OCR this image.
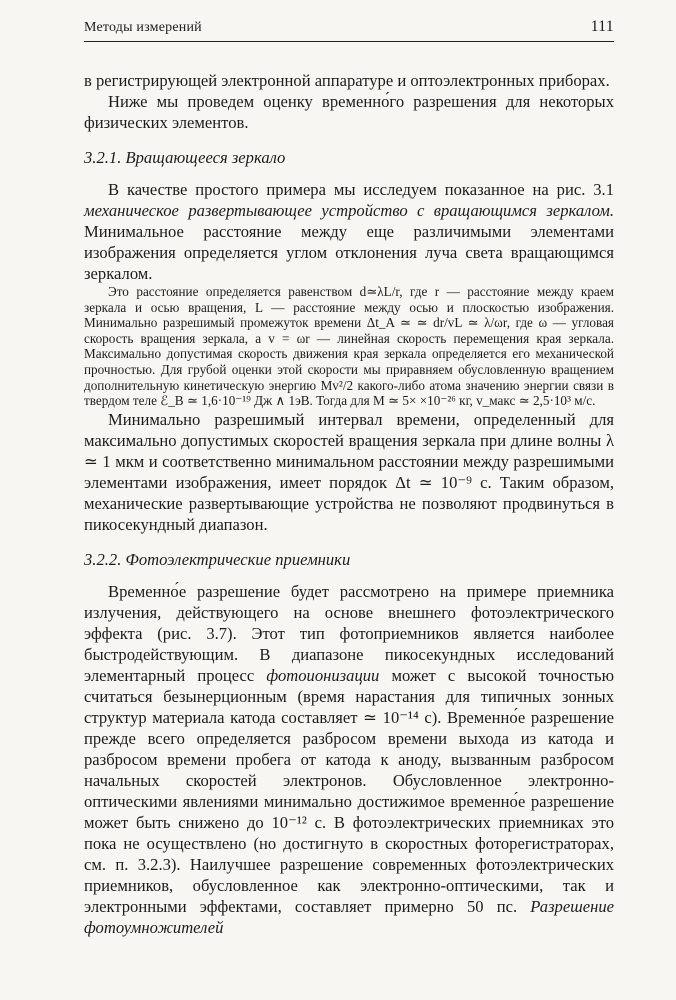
Методы измерений	111

в регистрирующей электронной аппаратуре и оптоэлектронных приборах.

Ниже мы проведем оценку временно́го разрешения для некоторых физических элементов.

3.2.1. Вращающееся зеркало

В качестве простого примера мы исследуем показанное на рис. 3.1 механическое развертывающее устройство с вращающимся зеркалом. Минимальное расстояние между еще различимыми элементами изображения определяется углом отклонения луча света вращающимся зеркалом.

Это расстояние определяется равенством d≃λL/r, где r — расстояние между краем зеркала и осью вращения, L — расстояние между осью и плоскостью изображения. Минимально разрешимый промежуток времени Δt_A ≃ ≃ dr/vL ≃ λ/ωr, где ω — угловая скорость вращения зеркала, а v = ωr — линейная скорость перемещения края зеркала. Максимально допустимая скорость движения края зеркала определяется его механической прочностью. Для грубой оценки этой скорости мы приравняем обусловленную вращением дополнительную кинетическую энергию Mv²/2 какого-либо атома значению энергии связи в твердом теле ℰ_B ≃ 1,6·10⁻¹⁹ Дж ∧ 1эВ. Тогда для M ≃ 5× ×10⁻²⁶ кг, v_макс ≃ 2,5·10³ м/с.

Минимально разрешимый интервал времени, определенный для максимально допустимых скоростей вращения зеркала при длине волны λ ≃ 1 мкм и соответственно минимальном расстоянии между разрешимыми элементами изображения, имеет порядок Δt ≃ 10⁻⁹ с. Таким образом, механические развертывающие устройства не позволяют продвинуться в пикосекундный диапазон.

3.2.2. Фотоэлектрические приемники

Временно́е разрешение будет рассмотрено на примере приемника излучения, действующего на основе внешнего фотоэлектрического эффекта (рис. 3.7). Этот тип фотоприемников является наиболее быстродействующим. В диапазоне пикосекундных исследований элементарный процесс фотоионизации может с высокой точностью считаться безынерционным (время нарастания для типичных зонных структур материала катода составляет ≃ 10⁻¹⁴ с). Временно́е разрешение прежде всего определяется разбросом времени выхода из катода и разбросом времени пробега от катода к аноду, вызванным разбросом начальных скоростей электронов. Обусловленное электронно-оптическими явлениями минимально достижимое временно́е разрешение может быть снижено до 10⁻¹² с. В фотоэлектрических приемниках это пока не осуществлено (но достигнуто в скоростных фоторегистраторах, см. п. 3.2.3). Наилучшее разрешение современных фотоэлектрических приемников, обусловленное как электронно-оптическими, так и электронными эффектами, составляет примерно 50 пс. Разрешение фотоумножителей
